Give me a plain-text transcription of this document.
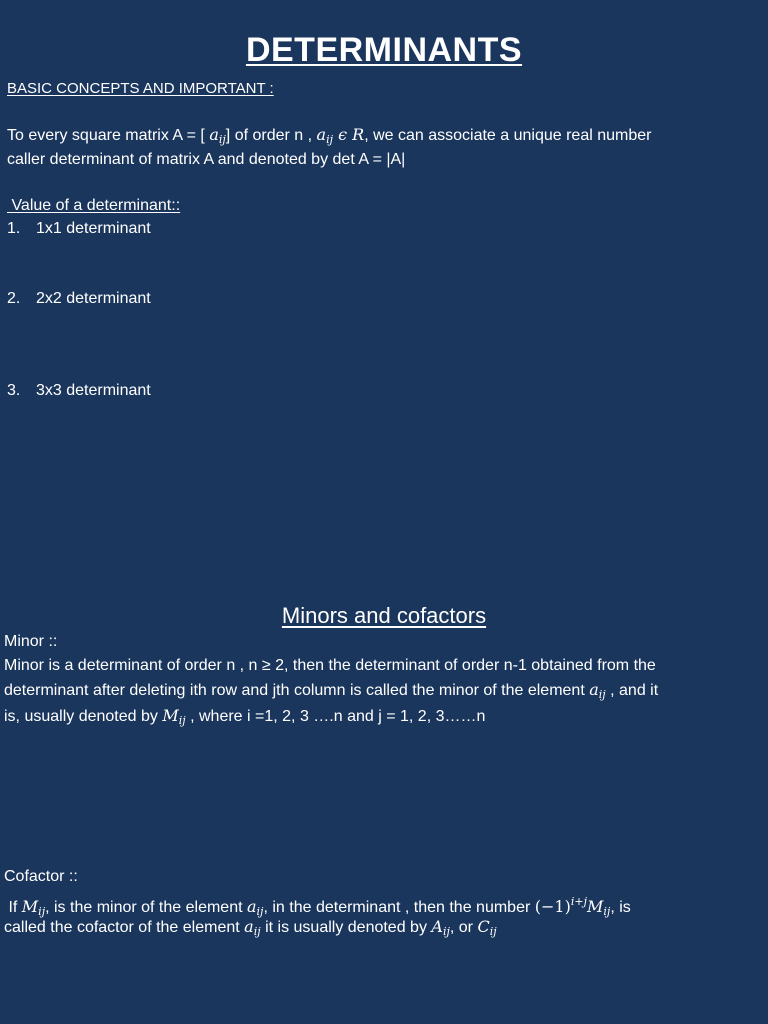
DETERMINANTS
BASIC CONCEPTS AND IMPORTANT :
To every square matrix A = [ $a_{ij}$] of order n , $a_{ij}$ ϵ R, we can associate a unique real number
caller determinant of matrix A and denoted by det A = |A|
Value of a determinant::
1. 1x1 determinant
2. 2x2 determinant
3. 3x3 determinant
Minors and cofactors
Minor ::
Minor is a determinant of order n , n ≥ 2, then the determinant of order n-1 obtained from the
determinant after deleting ith row and jth column is called the minor of the element $a_{ij}$ , and it
is, usually denoted by $M_{ij}$ , where i =1, 2, 3 ….n and j = 1, 2, 3……n
Cofactor ::
If $M_{ij}$, is the minor of the element $a_{ij}$, in the determinant , then the number $(-1)^{i+j}M_{ij}$, is
called the cofactor of the element $a_{ij}$ it is usually denoted by $A_{ij}$, or $C_{ij}$
